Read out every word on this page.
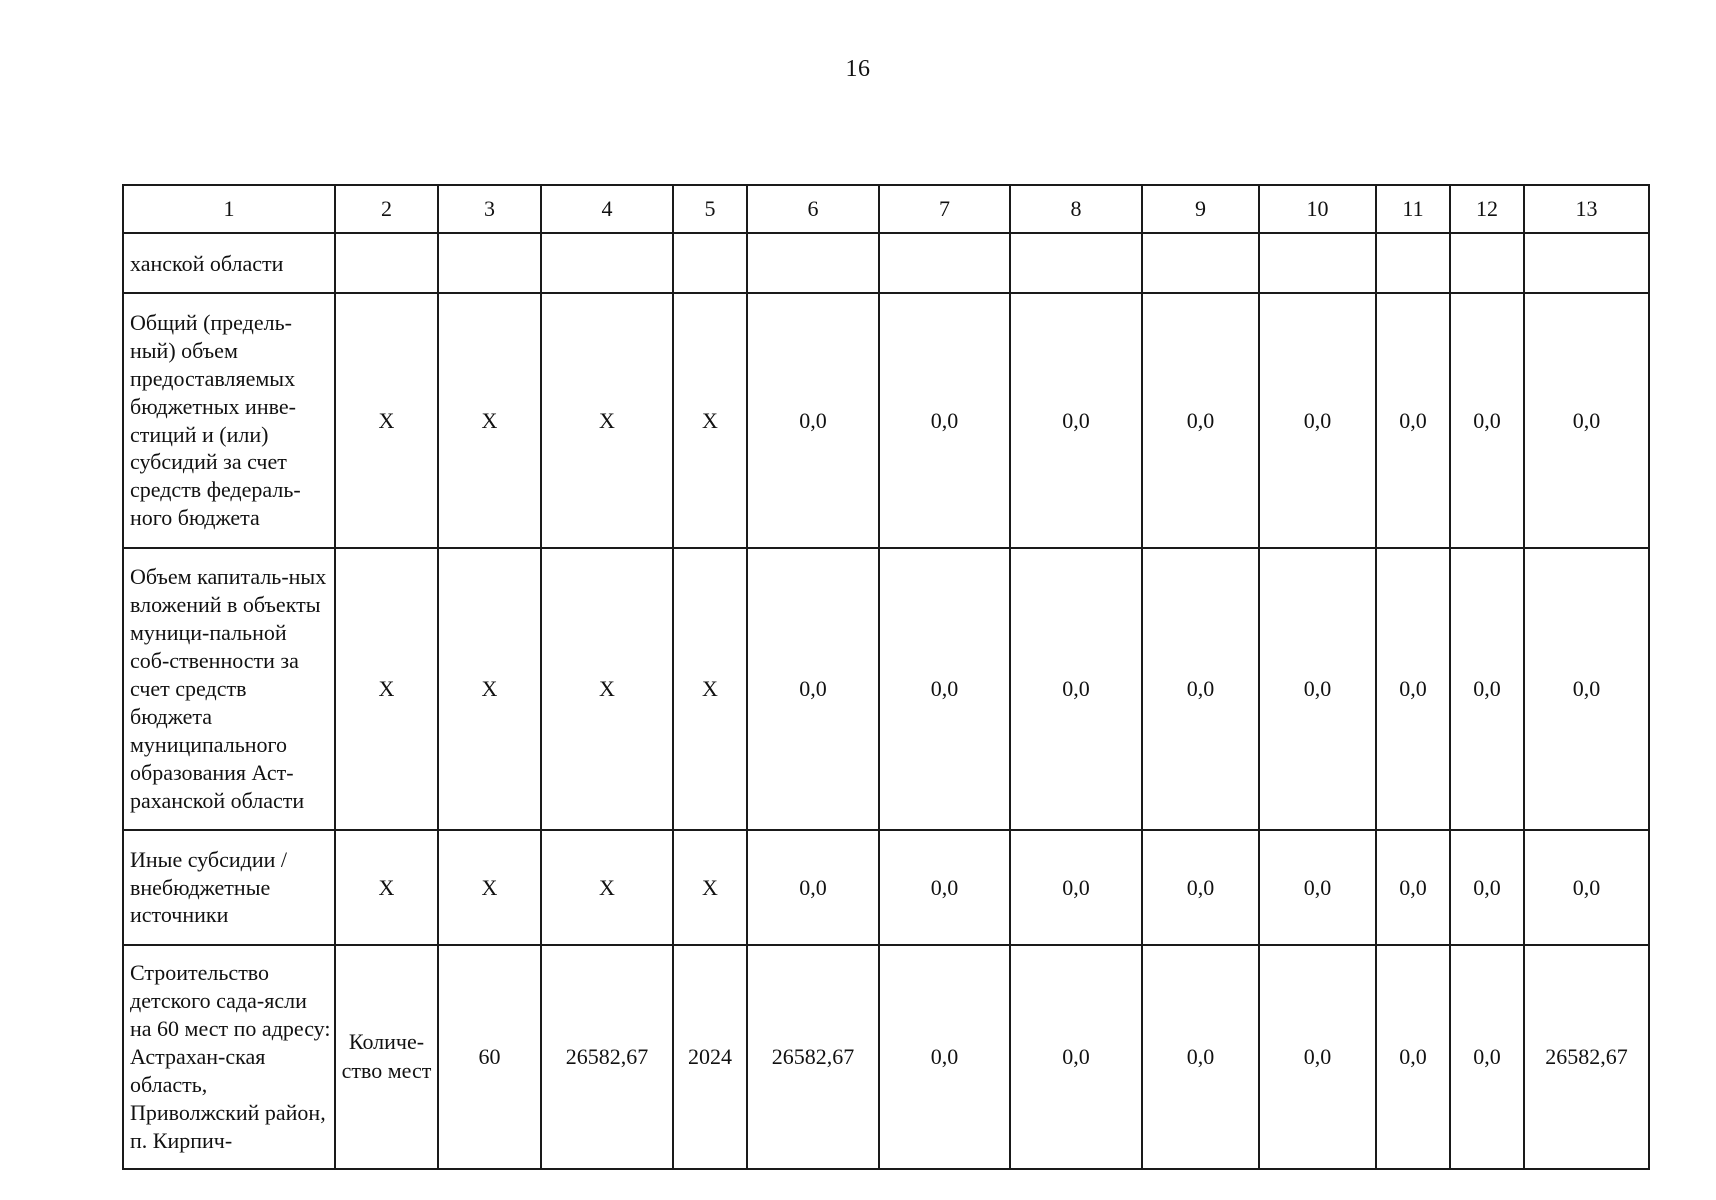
16
1	2	3	4	5	6	7	8	9	10	11	12	13
ханской области												
Общий (предель-ный) объем предоставляемых бюджетных инве-стиций и (или) субсидий за счет средств федераль-ного бюджета	X	X	X	X	0,0	0,0	0,0	0,0	0,0	0,0	0,0	0,0
Объем капиталь-ных вложений в объекты муници-пальной соб-ственности за счет средств бюджета муниципального образования Аст-раханской области	X	X	X	X	0,0	0,0	0,0	0,0	0,0	0,0	0,0	0,0
Иные субсидии / внебюджетные источники	X	X	X	X	0,0	0,0	0,0	0,0	0,0	0,0	0,0	0,0
Строительство детского сада-ясли на 60 мест по адресу: Астрахан-ская область, Приволжский район, п. Кирпич-	Количе-ство мест	60	26582,67	2024	26582,67	0,0	0,0	0,0	0,0	0,0	0,0	26582,67
